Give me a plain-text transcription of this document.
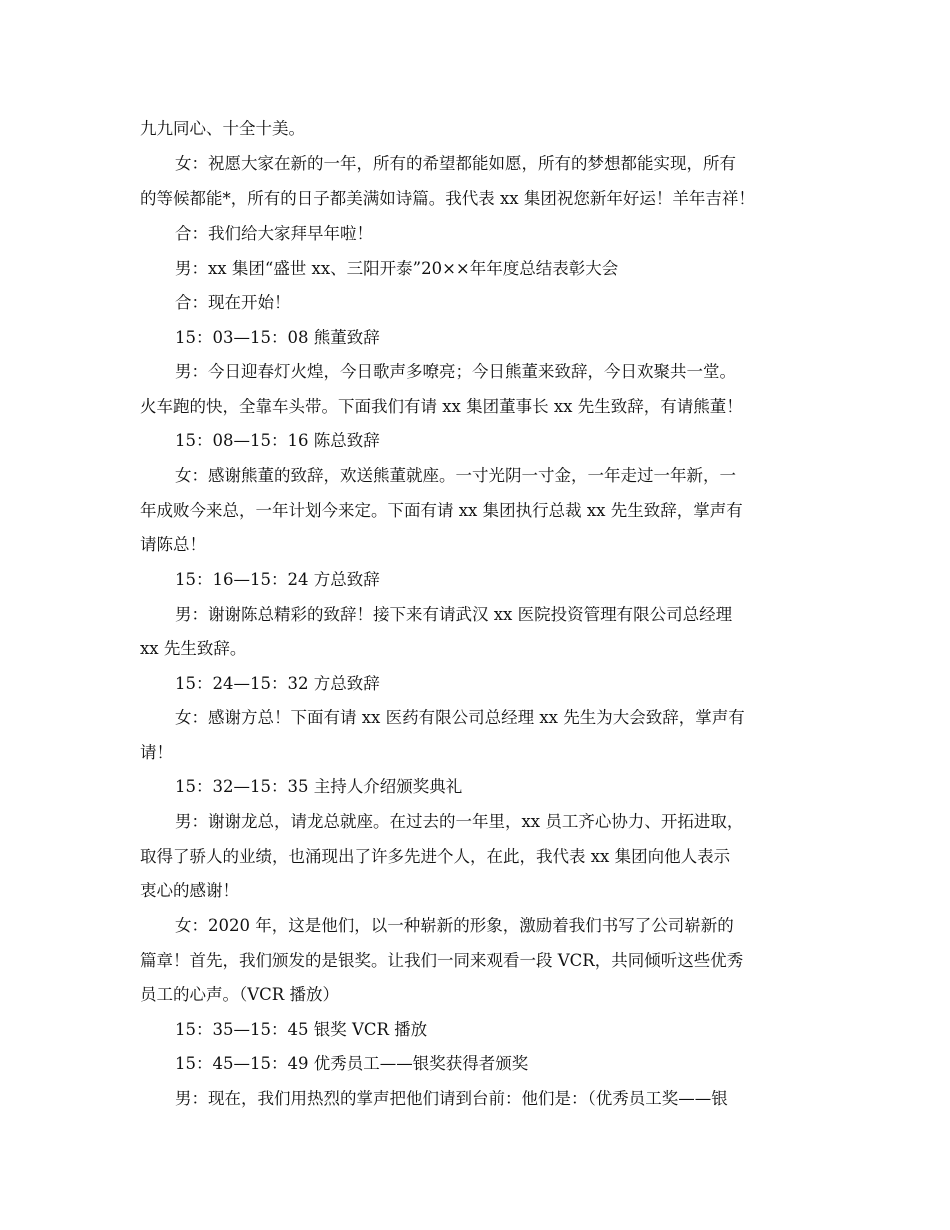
九九同心、十全十美。
女：祝愿大家在新的一年，所有的希望都能如愿，所有的梦想都能实现，所有
的等候都能*，所有的日子都美满如诗篇。我代表 xx 集团祝您新年好运！羊年吉祥！
合：我们给大家拜早年啦！
男：xx 集团“盛世 xx、三阳开泰”20××年年度总结表彰大会
合：现在开始！
15：03—15：08 熊董致辞
男：今日迎春灯火煌，今日歌声多嘹亮；今日熊董来致辞，今日欢聚共一堂。
火车跑的快，全靠车头带。下面我们有请 xx 集团董事长 xx 先生致辞，有请熊董！
15：08—15：16 陈总致辞
女：感谢熊董的致辞，欢送熊董就座。一寸光阴一寸金，一年走过一年新，一
年成败今来总，一年计划今来定。下面有请 xx 集团执行总裁 xx 先生致辞，掌声有
请陈总！
15：16—15：24 方总致辞
男：谢谢陈总精彩的致辞！接下来有请武汉 xx 医院投资管理有限公司总经理
xx 先生致辞。
15：24—15：32 方总致辞
女：感谢方总！下面有请 xx 医药有限公司总经理 xx 先生为大会致辞，掌声有
请！
15：32—15：35 主持人介绍颁奖典礼
男：谢谢龙总，请龙总就座。在过去的一年里，xx 员工齐心协力、开拓进取，
取得了骄人的业绩，也涌现出了许多先进个人，在此，我代表 xx 集团向他人表示
衷心的感谢！
女：2020 年，这是他们，以一种崭新的形象，激励着我们书写了公司崭新的
篇章！首先，我们颁发的是银奖。让我们一同来观看一段 VCR，共同倾听这些优秀
员工的心声。（VCR 播放）
15：35—15：45 银奖 VCR 播放
15：45—15：49 优秀员工——银奖获得者颁奖
男：现在，我们用热烈的掌声把他们请到台前：他们是：（优秀员工奖——银
